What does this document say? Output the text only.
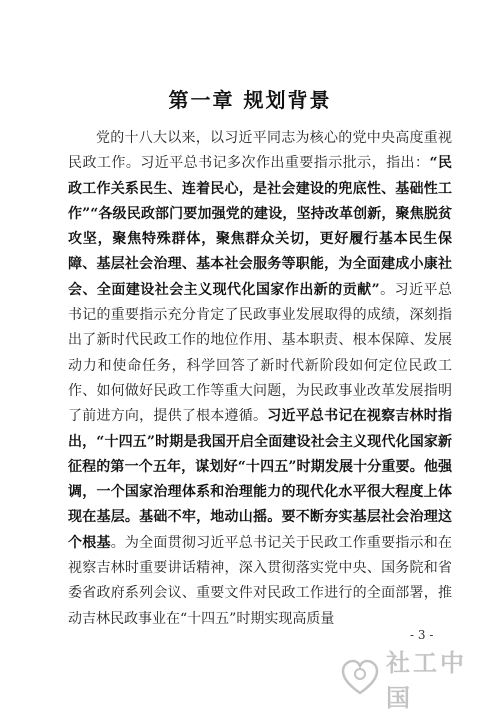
第一章 规划背景

党的十八大以来，以习近平同志为核心的党中央高度重视民政工作。习近平总书记多次作出重要指示批示，指出：“民政工作关系民生、连着民心，是社会建设的兜底性、基础性工作”“各级民政部门要加强党的建设，坚持改革创新，聚焦脱贫攻坚，聚焦特殊群体，聚焦群众关切，更好履行基本民生保障、基层社会治理、基本社会服务等职能，为全面建成小康社会、全面建设社会主义现代化国家作出新的贡献”。习近平总书记的重要指示充分肯定了民政事业发展取得的成绩，深刻指出了新时代民政工作的地位作用、基本职责、根本保障、发展动力和使命任务，科学回答了新时代新阶段如何定位民政工作、如何做好民政工作等重大问题，为民政事业改革发展指明了前进方向，提供了根本遵循。习近平总书记在视察吉林时指出，“十四五”时期是我国开启全面建设社会主义现代化国家新征程的第一个五年，谋划好“十四五”时期发展十分重要。他强调，一个国家治理体系和治理能力的现代化水平很大程度上体现在基层。基础不牢，地动山摇。要不断夯实基层社会治理这个根基。为全面贯彻习近平总书记关于民政工作重要指示和在视察吉林时重要讲话精神，深入贯彻落实党中央、国务院和省委省政府系列会议、重要文件对民政工作进行的全面部署，推动吉林民政事业在“十四五”时期实现高质量

- 3 -
社工中国
